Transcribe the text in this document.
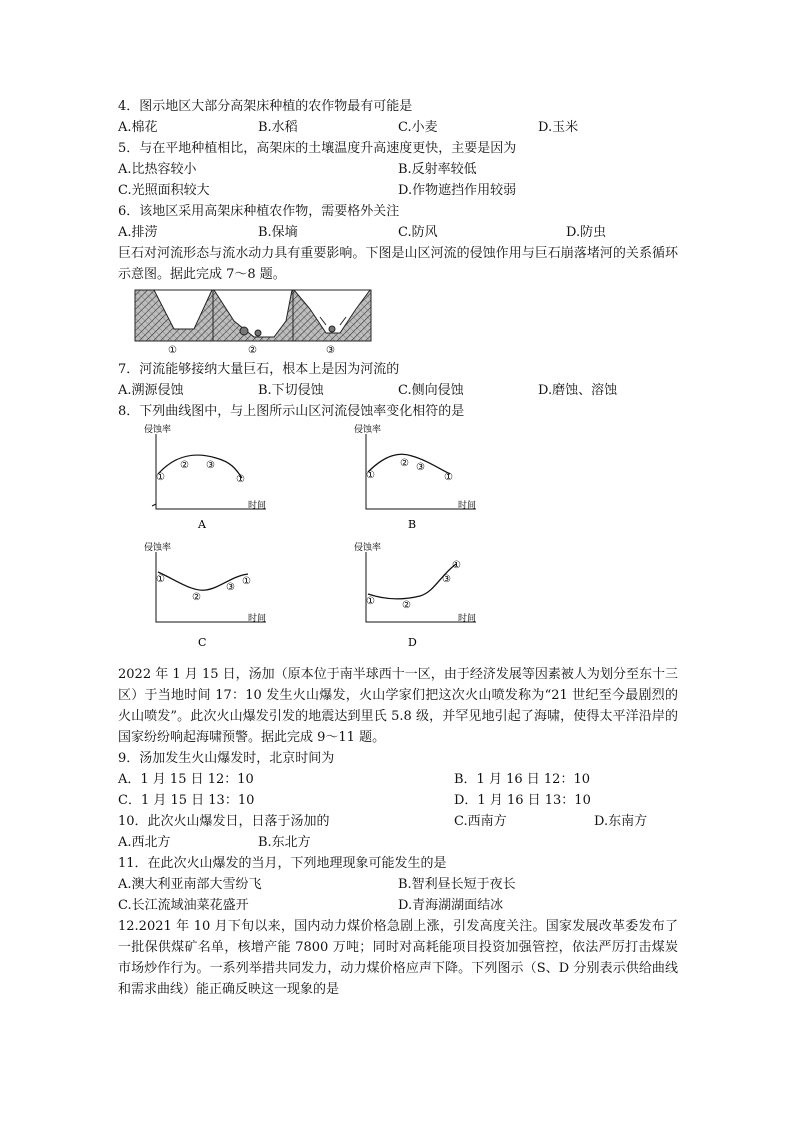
4．图示地区大部分高架床种植的农作物最有可能是
A.棉花	B.水稻	C.小麦	D.玉米
5．与在平地种植相比，高架床的土壤温度升高速度更快，主要是因为
A.比热容较小	B.反射率较低
C.光照面积较大	D.作物遮挡作用较弱
6．该地区采用高架床种植农作物，需要格外关注
A.排涝	B.保墒	C.防风	D.防虫
巨石对河流形态与流水动力具有重要影响。下图是山区河流的侵蚀作用与巨石崩落堵河的关系循环示意图。据此完成 7～8 题。
①	②	③
7．河流能够接纳大量巨石，根本上是因为河流的
A.溯源侵蚀	B.下切侵蚀	C.侧向侵蚀	D.磨蚀、溶蚀
8．下列曲线图中，与上图所示山区河流侵蚀率变化相符的是
侵蚀率
时间
①
② ③
①
A
侵蚀率
时间
①
② ③
①
B
侵蚀率
时间
①
②
③
①
C
侵蚀率
时间
①	②
③
①
D
2022 年 1 月 15 日，汤加（原本位于南半球西十一区，由于经济发展等因素被人为划分至东十三区）于当地时间 17：10 发生火山爆发，火山学家们把这次火山喷发称为“21 世纪至今最剧烈的火山喷发”。此次火山爆发引发的地震达到里氏 5.8 级，并罕见地引起了海啸，使得太平洋沿岸的国家纷纷响起海啸预警。据此完成 9～11 题。
9．汤加发生火山爆发时，北京时间为
A．1 月 15 日 12：10	B．1 月 16 日 12：10
C．1 月 15 日 13：10	D．1 月 16 日 13：10
10．此次火山爆发日，日落于汤加的	C.西南方	D.东南方
A.西北方	B.东北方
11．在此次火山爆发的当月，下列地理现象可能发生的是
A.澳大利亚南部大雪纷飞	B.智利昼长短于夜长
C.长江流域油菜花盛开	D.青海湖湖面结冰
12.2021 年 10 月下旬以来，国内动力煤价格急剧上涨，引发高度关注。国家发展改革委发布了一批保供煤矿名单，核增产能 7800 万吨；同时对高耗能项目投资加强管控，依法严厉打击煤炭市场炒作行为。一系列举措共同发力，动力煤价格应声下降。下列图示（S、D 分别表示供给曲线和需求曲线）能正确反映这一现象的是
